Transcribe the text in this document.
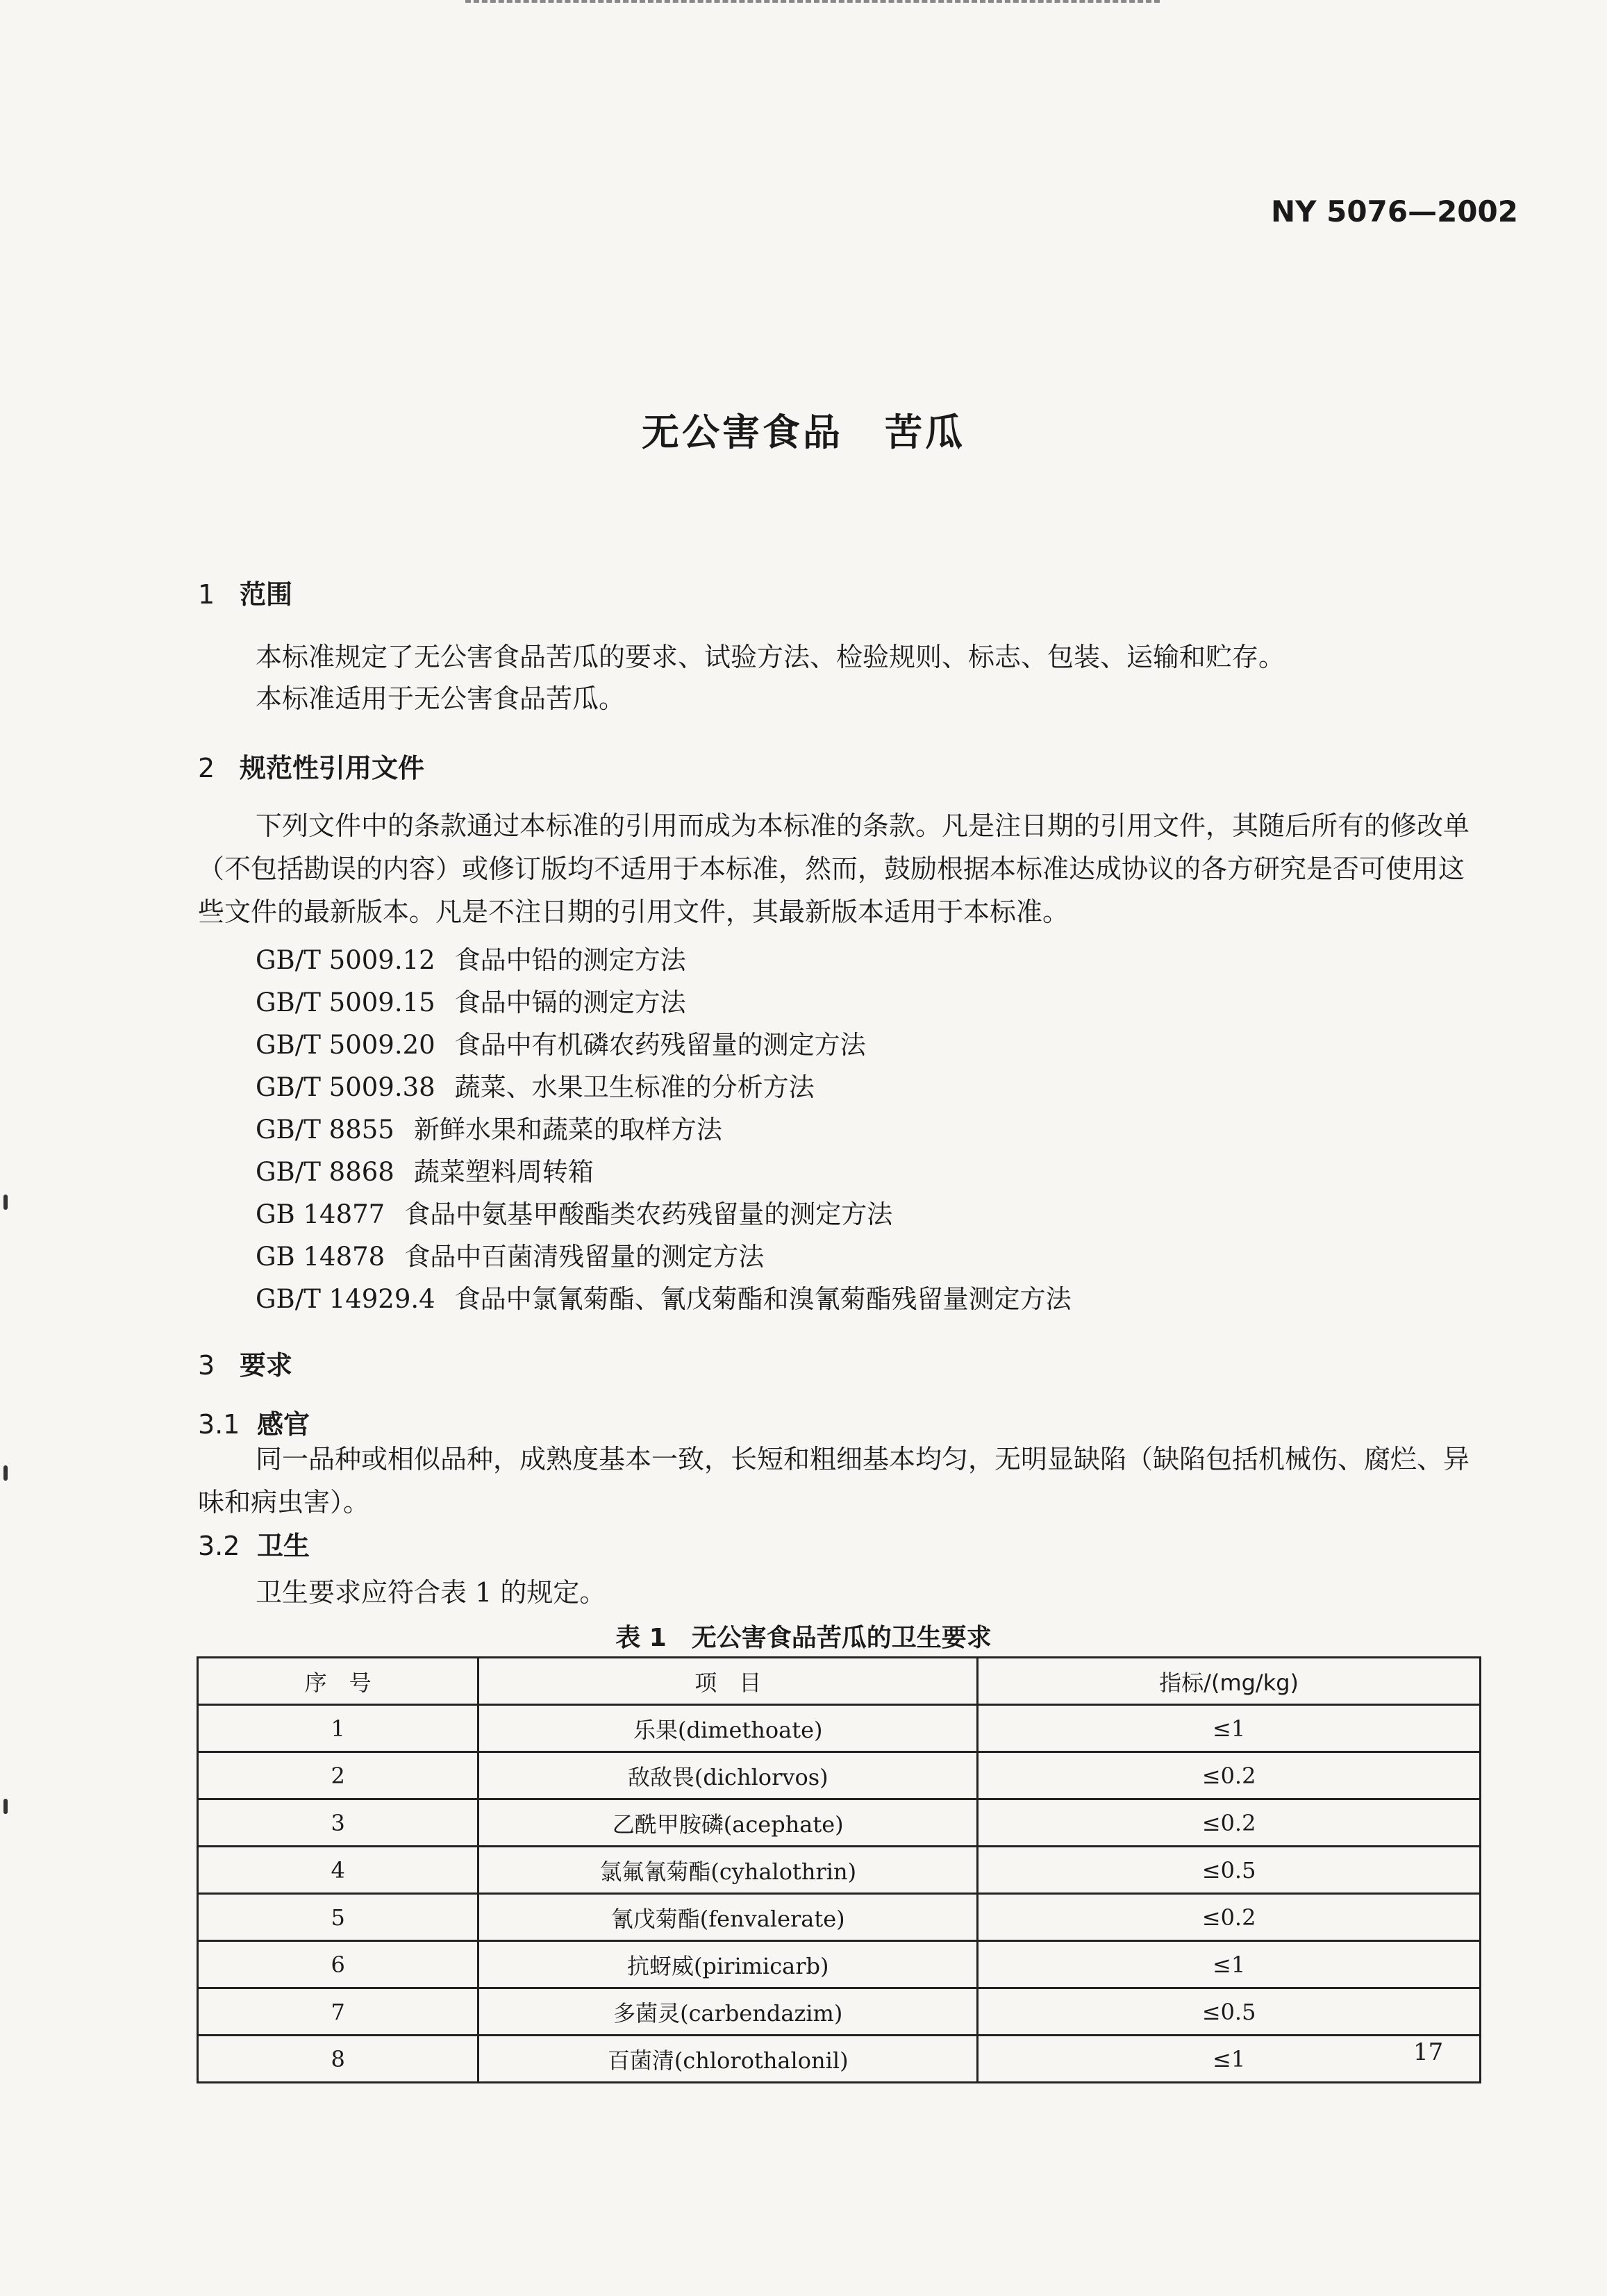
NY 5076—2002
无公害食品 苦瓜
1 范围
本标准规定了无公害食品苦瓜的要求、试验方法、检验规则、标志、包装、运输和贮存。
本标准适用于无公害食品苦瓜。
2 规范性引用文件
下列文件中的条款通过本标准的引用而成为本标准的条款。凡是注日期的引用文件，其随后所有的修改单（不包括勘误的内容）或修订版均不适用于本标准，然而，鼓励根据本标准达成协议的各方研究是否可使用这些文件的最新版本。凡是不注日期的引用文件，其最新版本适用于本标准。
GB/T 5009.12 食品中铅的测定方法
GB/T 5009.15 食品中镉的测定方法
GB/T 5009.20 食品中有机磷农药残留量的测定方法
GB/T 5009.38 蔬菜、水果卫生标准的分析方法
GB/T 8855 新鲜水果和蔬菜的取样方法
GB/T 8868 蔬菜塑料周转箱
GB 14877 食品中氨基甲酸酯类农药残留量的测定方法
GB 14878 食品中百菌清残留量的测定方法
GB/T 14929.4 食品中氯氰菊酯、氰戊菊酯和溴氰菊酯残留量测定方法
3 要求
3.1 感官
同一品种或相似品种，成熟度基本一致，长短和粗细基本均匀，无明显缺陷（缺陷包括机械伤、腐烂、异味和病虫害）。
3.2 卫生
卫生要求应符合表 1 的规定。
表 1　无公害食品苦瓜的卫生要求
序　号	项　目	指标/(mg/kg)
1	乐果(dimethoate)	≤1
2	敌敌畏(dichlorvos)	≤0.2
3	乙酰甲胺磷(acephate)	≤0.2
4	氯氟氰菊酯(cyhalothrin)	≤0.5
5	氰戊菊酯(fenvalerate)	≤0.2
6	抗蚜威(pirimicarb)	≤1
7	多菌灵(carbendazim)	≤0.5
8	百菌清(chlorothalonil)	≤1	17
